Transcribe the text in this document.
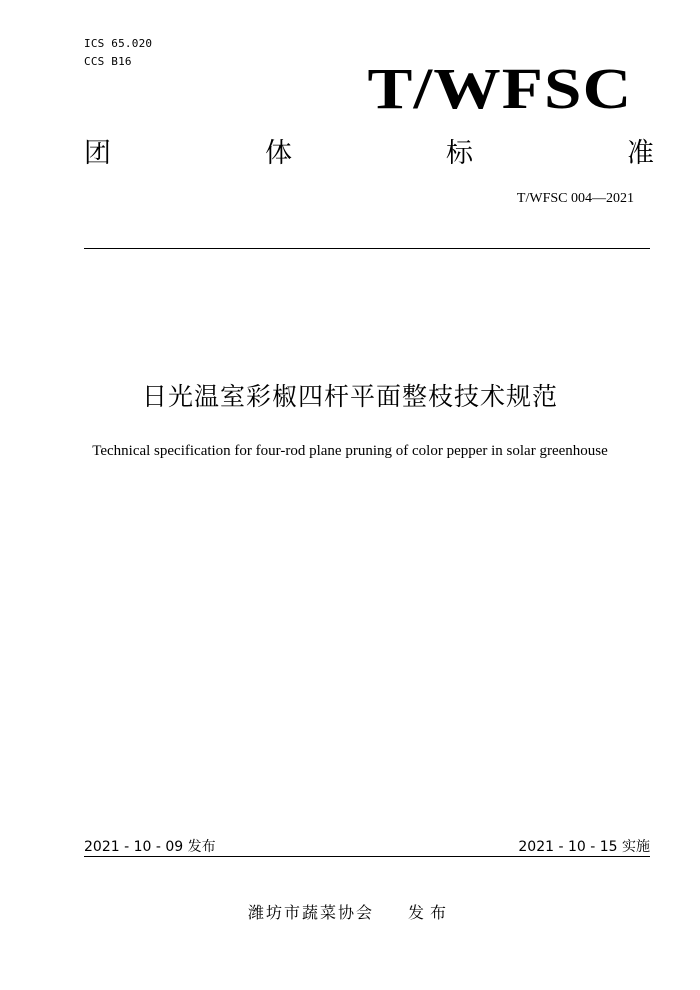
ICS 65.020
CCS B16	T/WFSC
团	体	标	准
T/WFSC 004—2021
日光温室彩椒四杆平面整枝技术规范
Technical specification for four-rod plane pruning of color pepper in solar greenhouse
2021 - 10 - 09 发布	2021 - 10 - 15 实施
潍坊市蔬菜协会 发布
